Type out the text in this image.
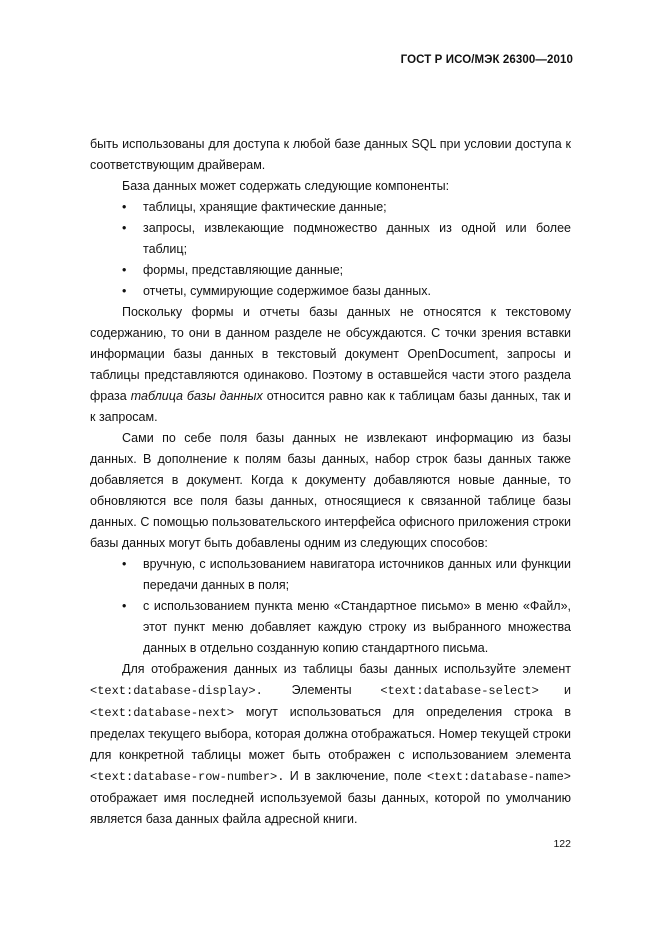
ГОСТ Р ИСО/МЭК 26300—2010

быть использованы для доступа к любой базе данных SQL при условии доступа к соответствующим драйверам.

База данных может содержать следующие компоненты:

• таблицы, хранящие фактические данные;

• запросы, извлекающие подмножество данных из одной или более таблиц;

• формы, представляющие данные;

• отчеты, суммирующие содержимое базы данных.

Поскольку формы и отчеты базы данных не относятся к текстовому содержанию, то они в данном разделе не обсуждаются. С точки зрения вставки информации базы данных в текстовый документ OpenDocument, запросы и таблицы представляются одинаково. Поэтому в оставшейся части этого раздела фраза таблица базы данных относится равно как к таблицам базы данных, так и к запросам.

Сами по себе поля базы данных не извлекают информацию из базы данных. В дополнение к полям базы данных, набор строк базы данных также добавляется в документ. Когда к документу добавляются новые данные, то обновляются все поля базы данных, относящиеся к связанной таблице базы данных. С помощью пользовательского интерфейса офисного приложения строки базы данных могут быть добавлены одним из следующих способов:

• вручную, с использованием навигатора источников данных или функции передачи данных в поля;

• с использованием пункта меню «Стандартное письмо» в меню «Файл», этот пункт меню добавляет каждую строку из выбранного множества данных в отдельно созданную копию стандартного письма.

Для отображения данных из таблицы базы данных используйте элемент <text:database-display>. Элементы <text:database-select> и <text:database-next> могут использоваться для определения строка в пределах текущего выбора, которая должна отображаться. Номер текущей строки для конкретной таблицы может быть отображен с использованием элемента <text:database-row-number>. И в заключение, поле <text:database-name> отображает имя последней используемой базы данных, которой по умолчанию является база данных файла адресной книги.

122
